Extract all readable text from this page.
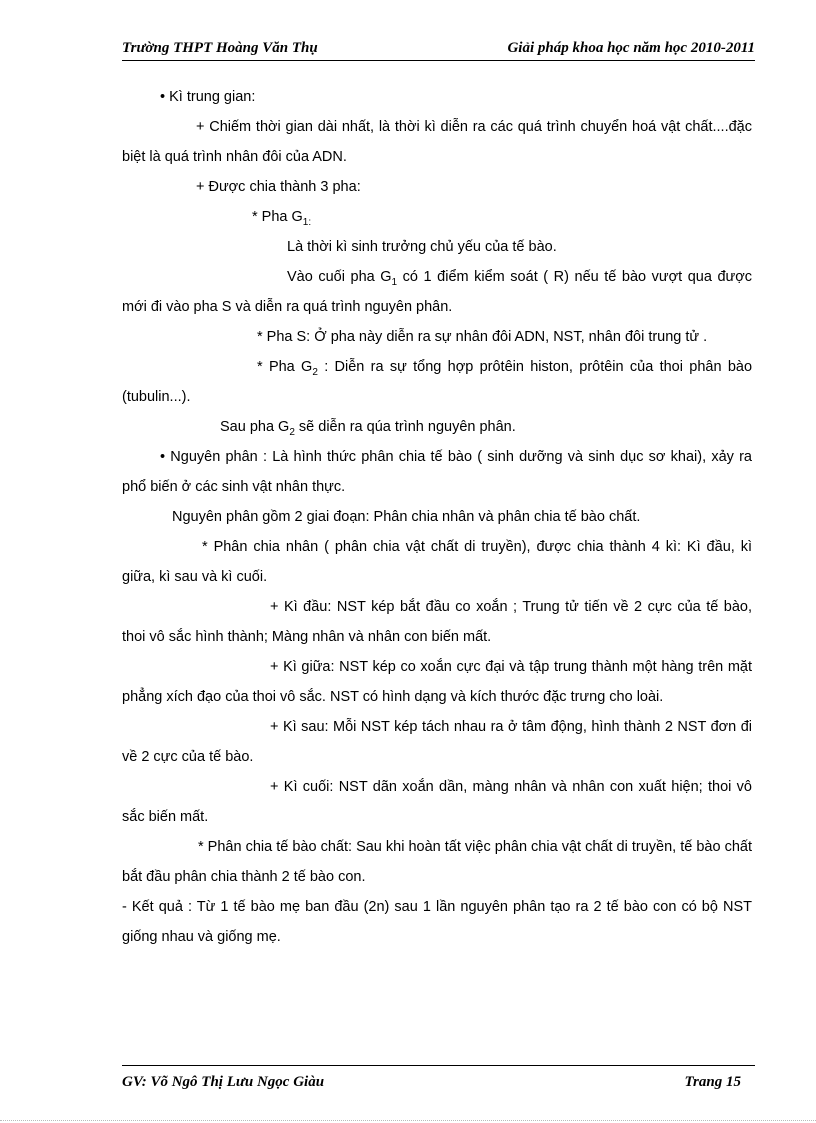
Trường THPT Hoàng Văn Thụ	Giải pháp khoa học năm học 2010-2011

• Kì trung gian:

+ Chiếm thời gian dài nhất, là thời kì diễn ra các quá trình chuyển hoá vật chất....đặc biệt là quá trình nhân đôi của ADN.

+ Được chia thành 3 pha:

* Pha $G_{1:}$

Là thời kì sinh trưởng chủ yếu của tế bào.

Vào cuối pha $G_1$ có 1 điểm kiểm soát ( R) nếu tế bào vượt qua được mới đi vào pha S và diễn ra quá trình nguyên phân.

* Pha S: Ở pha này diễn ra sự nhân đôi ADN, NST, nhân đôi trung tử .

* Pha $G_2$ : Diễn ra sự tổng hợp prôtêin histon, prôtêin của thoi phân bào (tubulin...).

Sau pha $G_2$ sẽ diễn ra qúa trình nguyên phân.

• Nguyên phân : Là hình thức phân chia tế bào ( sinh dưỡng và sinh dục sơ khai), xảy ra phổ biến ở các sinh vật nhân thực.

Nguyên phân gồm 2 giai đoạn: Phân chia nhân và phân chia tế bào chất.

* Phân chia nhân ( phân chia vật chất di truyền), được chia thành 4 kì: Kì đầu, kì giữa, kì sau và kì cuối.

+ Kì đầu: NST kép bắt đầu co xoắn ; Trung tử tiến về 2 cực của tế bào, thoi vô sắc hình thành; Màng nhân và nhân con biến mất.

+ Kì giữa: NST kép co xoắn cực đại và tập trung thành một hàng trên mặt phẳng xích đạo của thoi vô sắc. NST có hình dạng và kích thước đặc trưng cho loài.

+ Kì sau: Mỗi NST kép tách nhau ra ở tâm động, hình thành 2 NST đơn đi về 2 cực của tế bào.

+ Kì cuối: NST dãn xoắn dần, màng nhân và nhân con xuất hiện; thoi vô sắc biến mất.

* Phân chia tế bào chất: Sau khi hoàn tất việc phân chia vật chất di truyền, tế bào chất bắt đầu phân chia thành 2 tế bào con.

- Kết quả : Từ 1 tế bào mẹ ban đầu (2n) sau 1 lần nguyên phân tạo ra 2 tế bào con có bộ NST giống nhau và giống mẹ.

GV: Võ Ngô Thị Lưu Ngọc Giàu	Trang 15
